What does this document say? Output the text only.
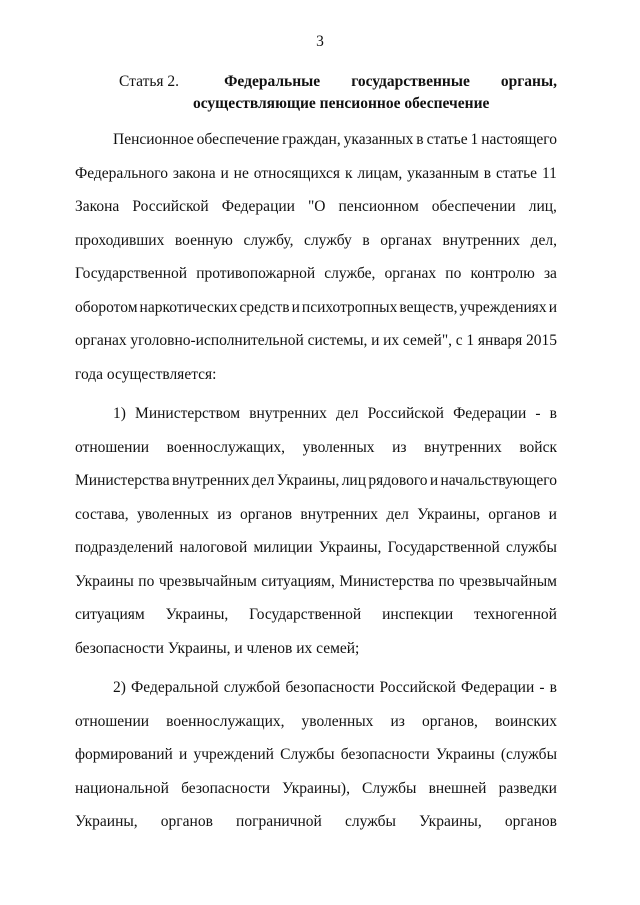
3
Статья 2.	Федеральные государственные органы,
осуществляющие пенсионное обеспечение
Пенсионное обеспечение граждан, указанных в статье 1 настоящего
Федерального закона и не относящихся к лицам, указанным в статье 11
Закона Российской Федерации "О пенсионном обеспечении лиц,
проходивших военную службу, службу в органах внутренних дел,
Государственной противопожарной службе, органах по контролю за
оборотом наркотических средств и психотропных веществ, учреждениях и
органах уголовно-исполнительной системы, и их семей", с 1 января 2015
года осуществляется:
1) Министерством внутренних дел Российской Федерации - в
отношении военнослужащих, уволенных из внутренних войск
Министерства внутренних дел Украины, лиц рядового и начальствующего
состава, уволенных из органов внутренних дел Украины, органов и
подразделений налоговой милиции Украины, Государственной службы
Украины по чрезвычайным ситуациям, Министерства по чрезвычайным
ситуациям Украины, Государственной инспекции техногенной
безопасности Украины, и членов их семей;
2) Федеральной службой безопасности Российской Федерации - в
отношении военнослужащих, уволенных из органов, воинских
формирований и учреждений Службы безопасности Украины (службы
национальной безопасности Украины), Службы внешней разведки
Украины, органов пограничной службы Украины, органов
